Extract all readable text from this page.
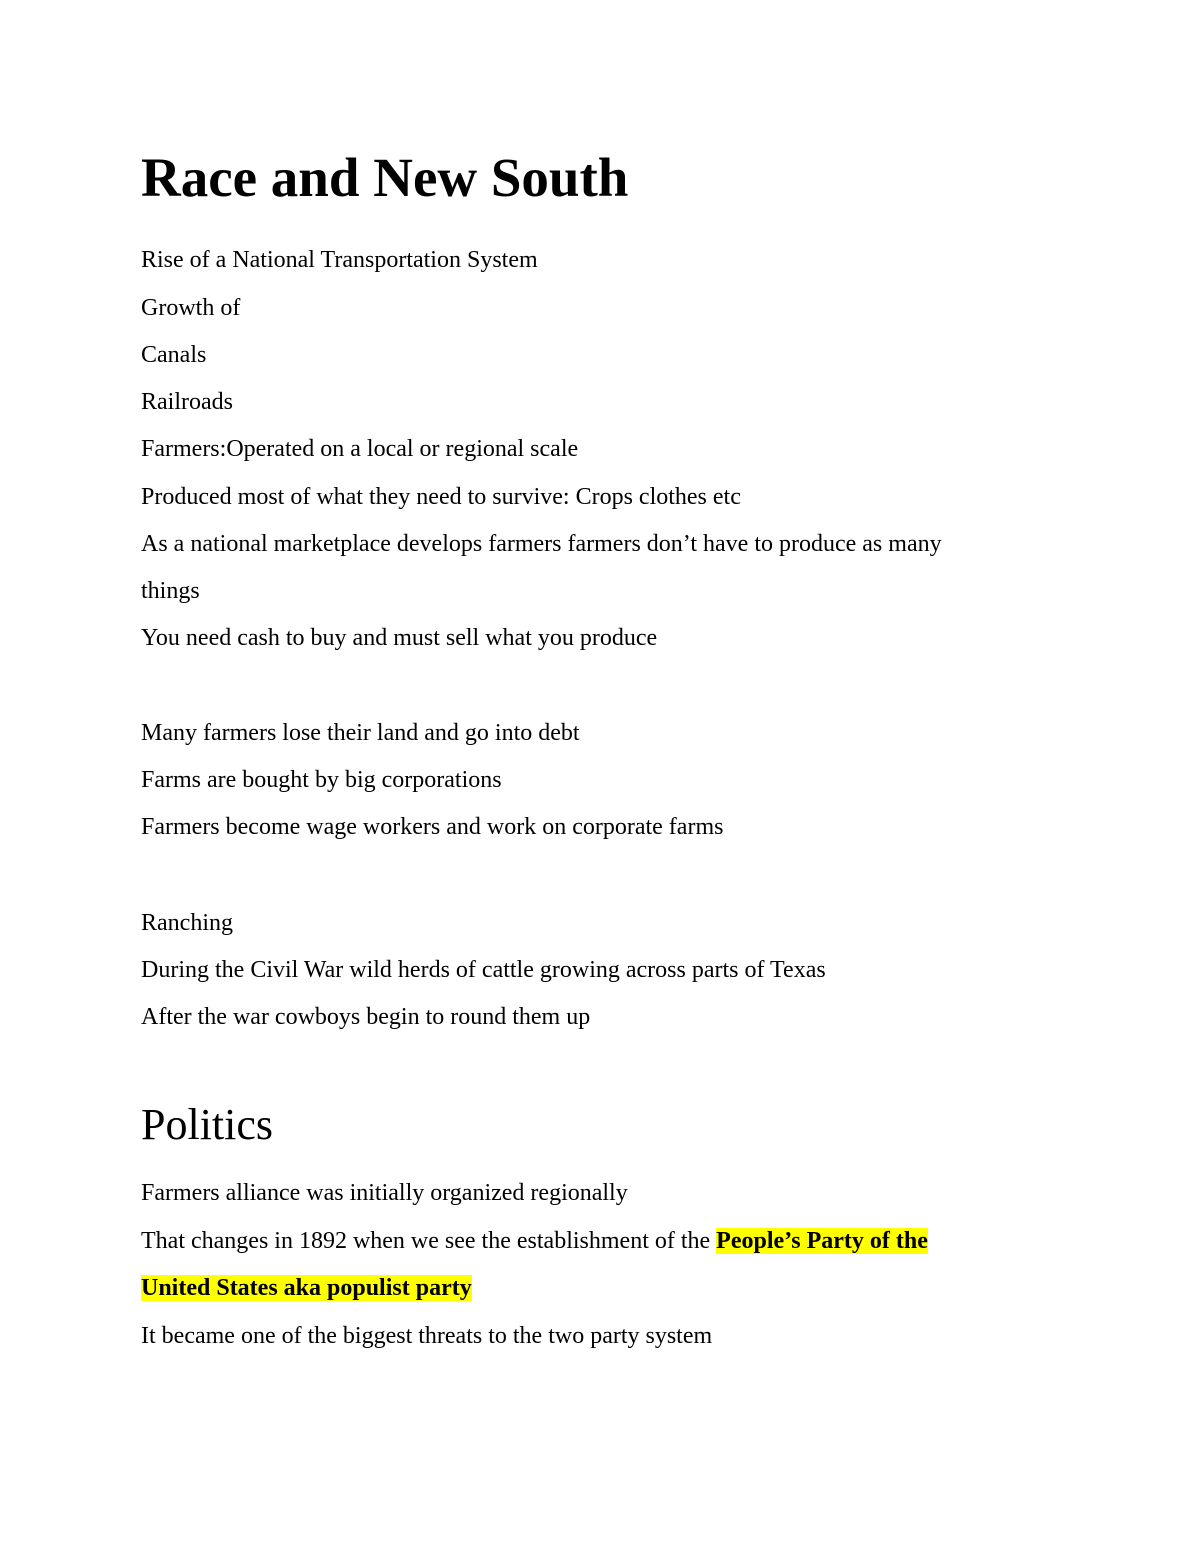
Race and New South

Rise of a National Transportation System

Growth of

Canals

Railroads

Farmers:Operated on a local or regional scale

Produced most of what they need to survive: Crops clothes etc

As a national marketplace develops farmers farmers don’t have to produce as many

things

You need cash to buy and must sell what you produce

Many farmers lose their land and go into debt

Farms are bought by big corporations

Farmers become wage workers and work on corporate farms

Ranching

During the Civil War wild herds of cattle growing across parts of Texas

After the war cowboys begin to round them up

Politics

Farmers alliance was initially organized regionally

That changes in 1892 when we see the establishment of the People’s Party of the

United States aka populist party

It became one of the biggest threats to the two party system
